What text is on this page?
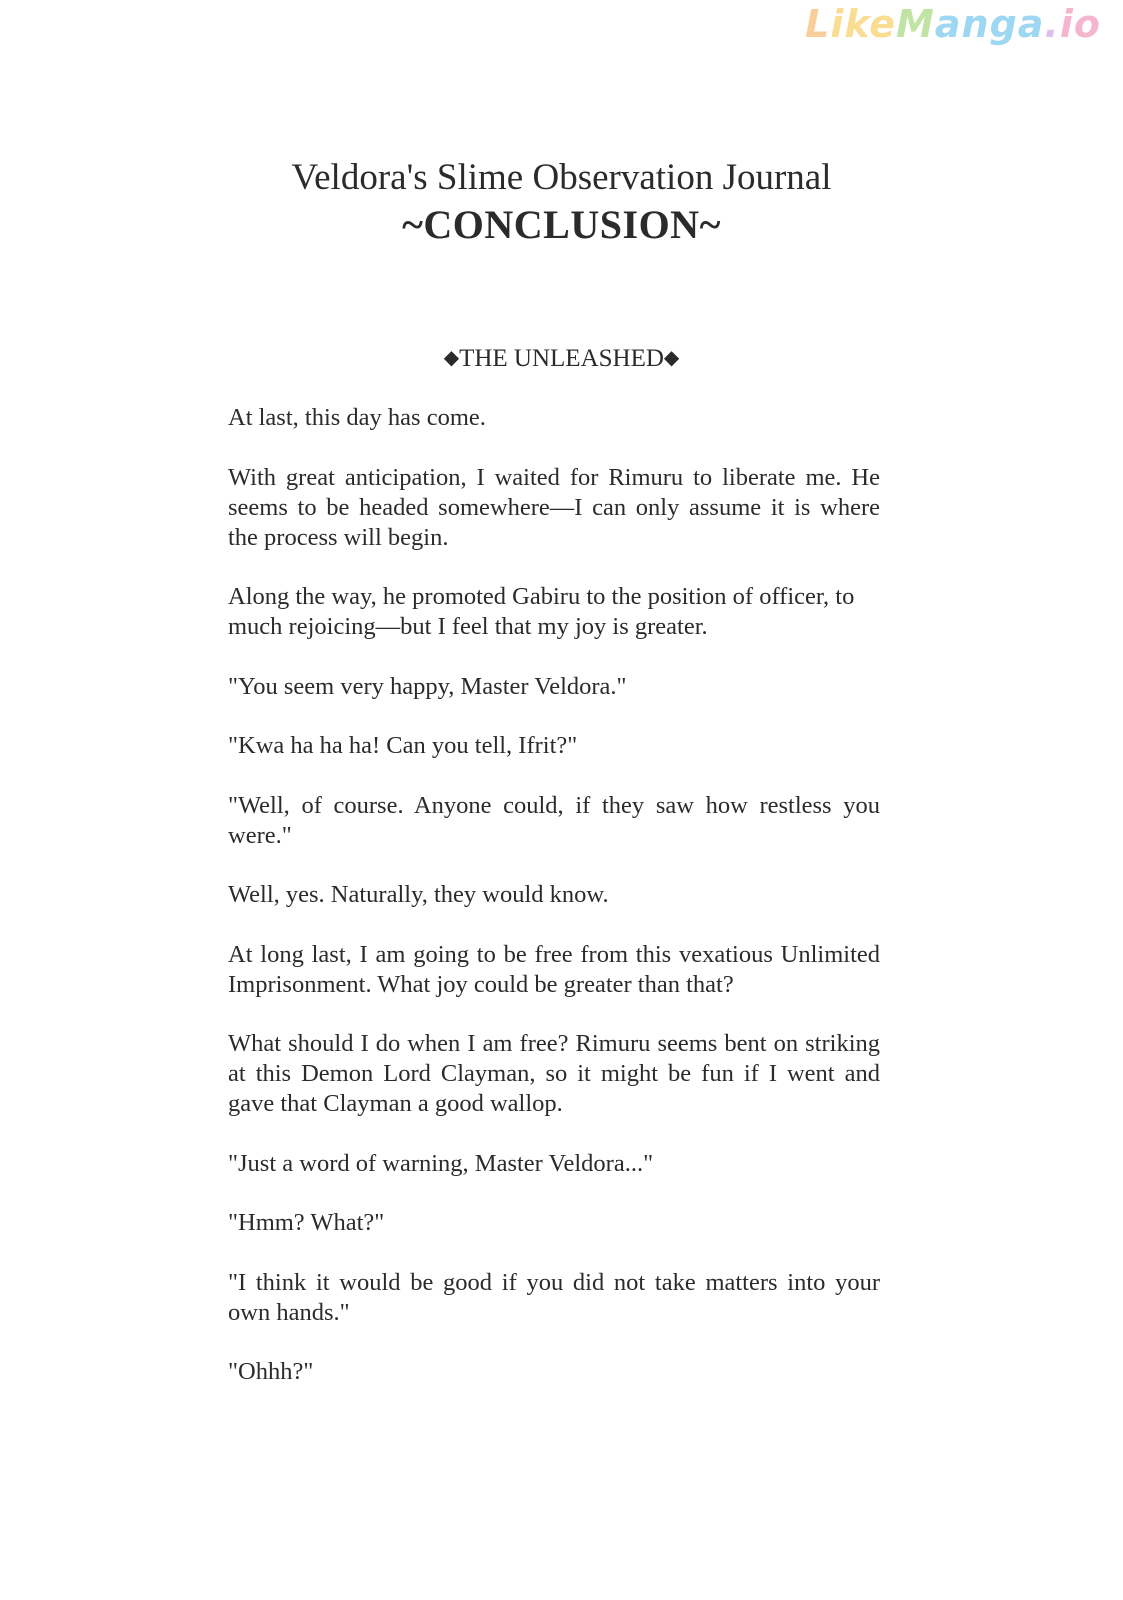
LikeManga.io
Veldora's Slime Observation Journal
~CONCLUSION~
◆THE UNLEASHED◆

At last, this day has come.

With great anticipation, I waited for Rimuru to liberate me. He seems to be headed somewhere—I can only assume it is where the process will begin.

Along the way, he promoted Gabiru to the position of officer, to much rejoicing—but I feel that my joy is greater.

"You seem very happy, Master Veldora."

"Kwa ha ha ha! Can you tell, Ifrit?"

"Well, of course. Anyone could, if they saw how restless you were."

Well, yes. Naturally, they would know.

At long last, I am going to be free from this vexatious Unlimited Imprisonment. What joy could be greater than that?

What should I do when I am free? Rimuru seems bent on striking at this Demon Lord Clayman, so it might be fun if I went and gave that Clayman a good wallop.

"Just a word of warning, Master Veldora..."

"Hmm? What?"

"I think it would be good if you did not take matters into your own hands."

"Ohhh?"
